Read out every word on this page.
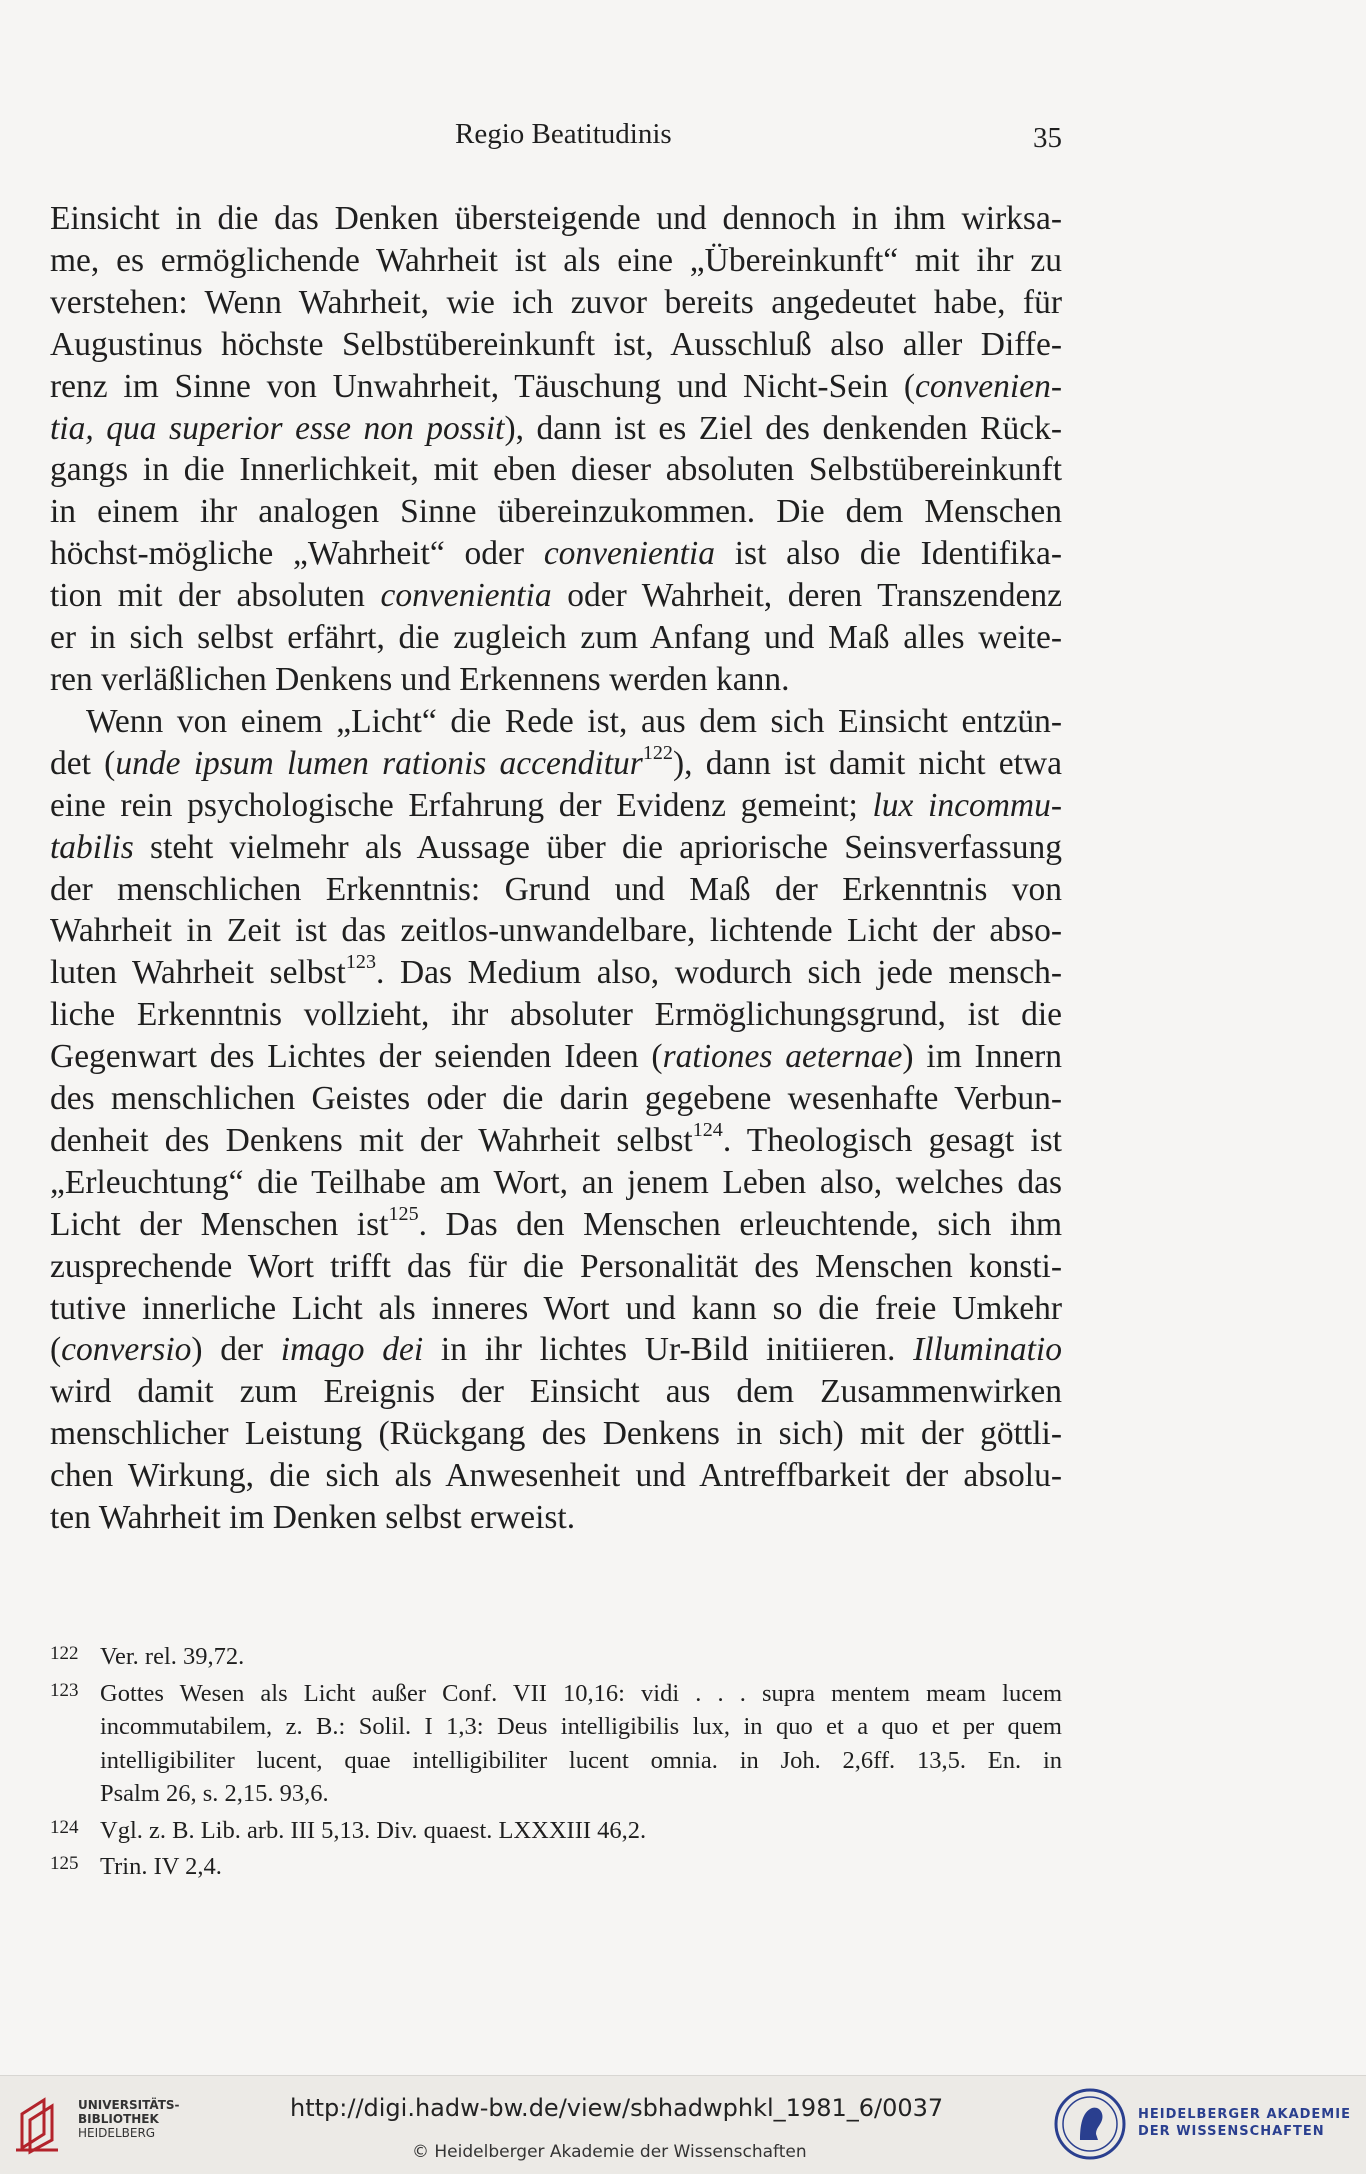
Regio Beatitudinis	35
Einsicht in die das Denken übersteigende und dennoch in ihm wirksa-
me, es ermöglichende Wahrheit ist als eine „Übereinkunft“ mit ihr zu
verstehen: Wenn Wahrheit, wie ich zuvor bereits angedeutet habe, für
Augustinus höchste Selbstübereinkunft ist, Ausschluß also aller Diffe-
renz im Sinne von Unwahrheit, Täuschung und Nicht-Sein (convenien-
tia, qua superior esse non possit), dann ist es Ziel des denkenden Rück-
gangs in die Innerlichkeit, mit eben dieser absoluten Selbstübereinkunft
in einem ihr analogen Sinne übereinzukommen. Die dem Menschen
höchst-mögliche „Wahrheit“ oder convenientia ist also die Identifika-
tion mit der absoluten convenientia oder Wahrheit, deren Transzendenz
er in sich selbst erfährt, die zugleich zum Anfang und Maß alles weite-
ren verläßlichen Denkens und Erkennens werden kann.
Wenn von einem „Licht“ die Rede ist, aus dem sich Einsicht entzün-
det (unde ipsum lumen rationis accenditur$^{122}$), dann ist damit nicht etwa
eine rein psychologische Erfahrung der Evidenz gemeint; lux incommu-
tabilis steht vielmehr als Aussage über die apriorische Seinsverfassung
der menschlichen Erkenntnis: Grund und Maß der Erkenntnis von
Wahrheit in Zeit ist das zeitlos-unwandelbare, lichtende Licht der abso-
luten Wahrheit selbst$^{123}$. Das Medium also, wodurch sich jede mensch-
liche Erkenntnis vollzieht, ihr absoluter Ermöglichungsgrund, ist die
Gegenwart des Lichtes der seienden Ideen (rationes aeternae) im Innern
des menschlichen Geistes oder die darin gegebene wesenhafte Verbun-
denheit des Denkens mit der Wahrheit selbst$^{124}$. Theologisch gesagt ist
„Erleuchtung“ die Teilhabe am Wort, an jenem Leben also, welches das
Licht der Menschen ist$^{125}$. Das den Menschen erleuchtende, sich ihm
zusprechende Wort trifft das für die Personalität des Menschen konsti-
tutive innerliche Licht als inneres Wort und kann so die freie Umkehr
(conversio) der imago dei in ihr lichtes Ur-Bild initiieren. Illuminatio
wird damit zum Ereignis der Einsicht aus dem Zusammenwirken
menschlicher Leistung (Rückgang des Denkens in sich) mit der göttli-
chen Wirkung, die sich als Anwesenheit und Antreffbarkeit der absolu-
ten Wahrheit im Denken selbst erweist.
122 Ver. rel. 39,72.
123 Gottes Wesen als Licht außer Conf. VII 10,16: vidi . . . supra mentem meam lucem
incommutabilem, z. B.: Solil. I 1,3: Deus intelligibilis lux, in quo et a quo et per quem
intelligibiliter lucent, quae intelligibiliter lucent omnia. in Joh. 2,6ff. 13,5. En. in
Psalm 26, s. 2,15. 93,6.
124 Vgl. z. B. Lib. arb. III 5,13. Div. quaest. LXXXIII 46,2.
125 Trin. IV 2,4.
UNIVERSITÄTS-
BIBLIOTHEK
HEIDELBERG
http://digi.hadw-bw.de/view/sbhadwphkl_1981_6/0037
© Heidelberger Akademie der Wissenschaften
HEIDELBERGER AKADEMIE
DER WISSENSCHAFTEN
